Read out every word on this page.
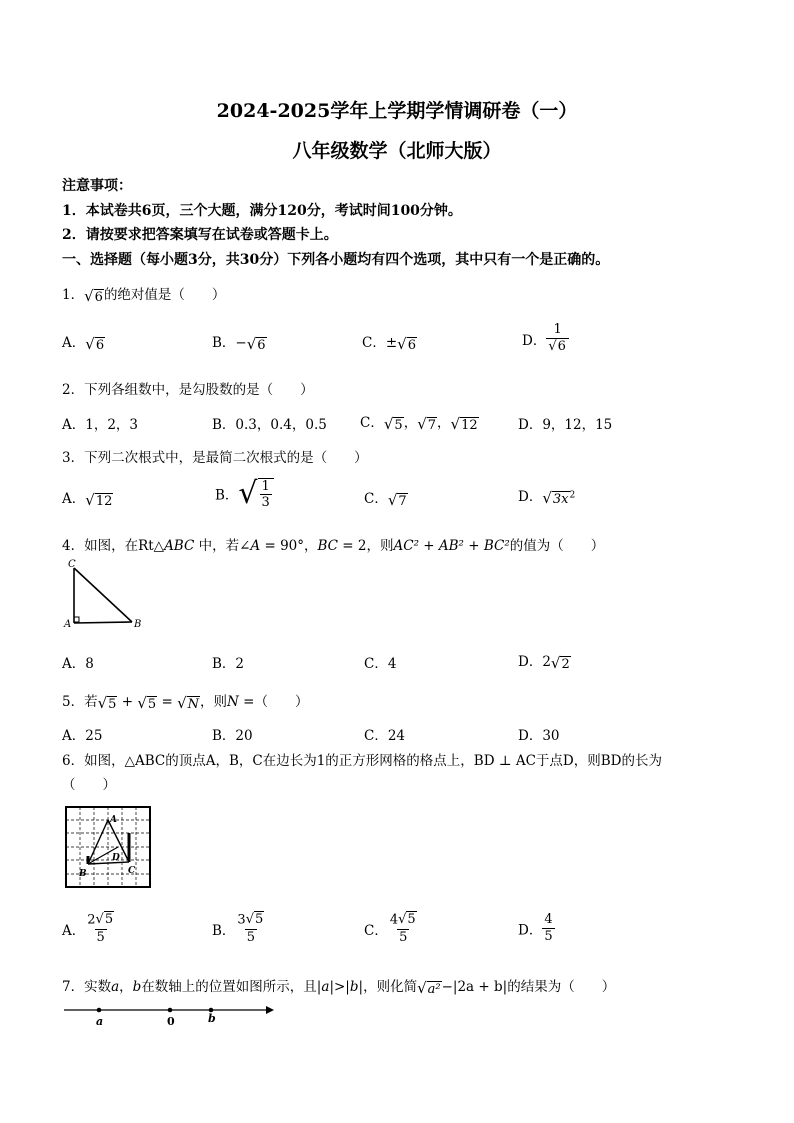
2024-2025学年上学期学情调研卷（一）
八年级数学（北师大版）
注意事项：
1．本试卷共6页，三个大题，满分120分，考试时间100分钟。
2．请按要求把答案填写在试卷或答题卡上。
一、选择题（每小题3分，共30分）下列各小题均有四个选项，其中只有一个是正确的。
1．√6的绝对值是（　　）
A．√6	B．−√6	C．±√6	D． $\frac{1}{√6}$
2．下列各组数中，是勾股数的是（　　）
A．1，2，3	B．0.3，0.4，0.5 C．√5，√7，√12	D．9，12，15
3．下列二次根式中，是最简二次根式的是（　　）
A．√12	B．√ $\frac{1}{3}$	C．√7	D．$√3x^2$
4．如图，在Rt△ABC 中，若∠A = 90°，BC = 2，则AC² + AB² + BC²的值为（　　）
C
A	B
A．8	B．2	C．4	D．2√2
5．若√5 + √5 = √N，则N =（　　）
A．25	B．20	C．24	D．30
6．如图，△ABC的顶点A，B，C在边长为1的正方形网格的格点上，BD ⊥ AC于点D，则BD的长为
（　　）
A
B	C
D
A． $\frac{2√5}{5}$	B． $\frac{3√5}{5}$	C． $\frac{4√5}{5}$	D． $\frac{4}{5}$
7．实数a，b在数轴上的位置如图所示，且|a|>|b|，则化简√a²−|2a + b|的结果为（　　）
a	0	b
